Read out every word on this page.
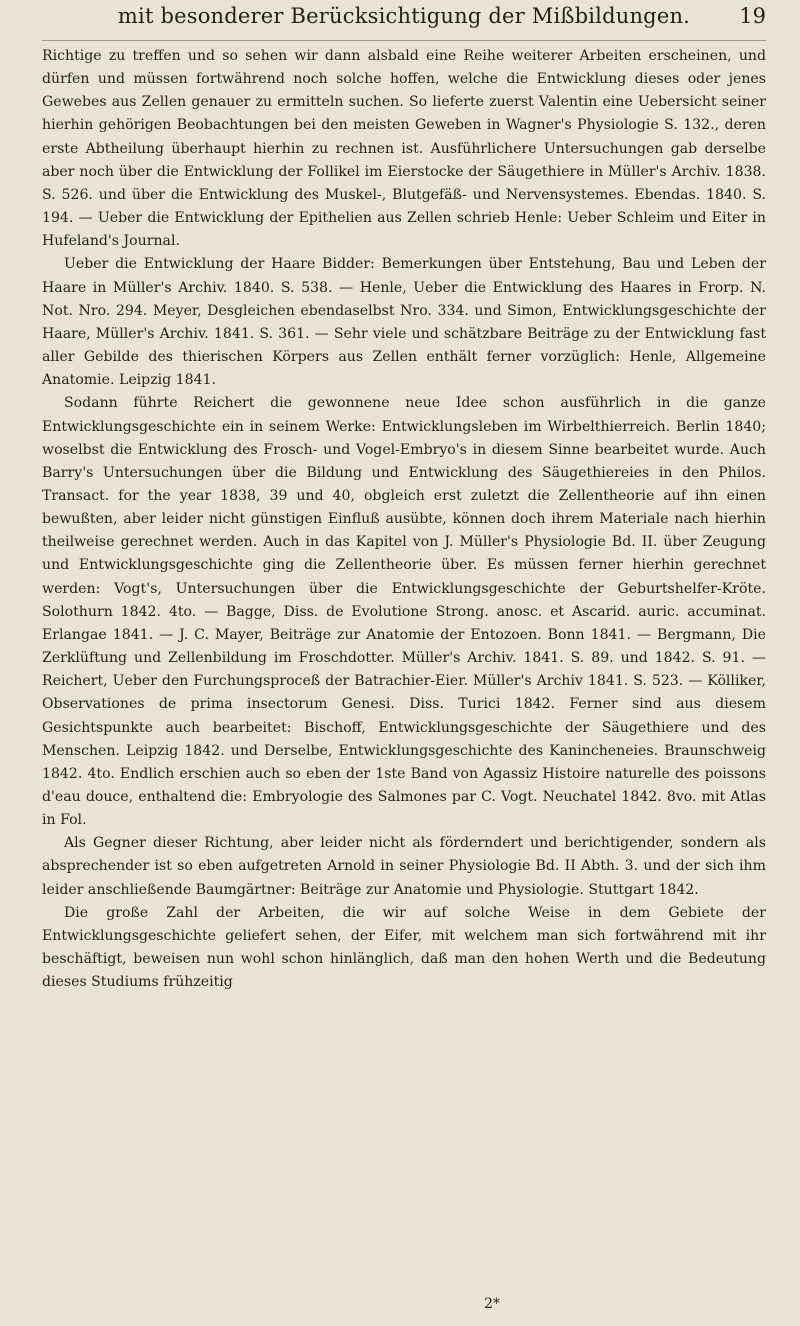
mit besonderer Berücksichtigung der Mißbildungen.	19

Richtige zu treffen und so sehen wir dann alsbald eine Reihe weiterer Arbeiten erscheinen, und dürfen und müssen fortwährend noch solche hoffen, welche die Entwicklung dieses oder jenes Gewebes aus Zellen genauer zu ermitteln suchen. So lieferte zuerst Valentin eine Uebersicht seiner hierhin gehörigen Beobachtungen bei den meisten Geweben in Wagner's Physiologie S. 132., deren erste Abtheilung überhaupt hierhin zu rechnen ist. Ausführlichere Untersuchungen gab derselbe aber noch über die Entwicklung der Follikel im Eierstocke der Säugethiere in Müller's Archiv. 1838. S. 526. und über die Entwicklung des Muskel-, Blutgefäß- und Nervensystemes. Ebendas. 1840. S. 194. — Ueber die Entwicklung der Epithelien aus Zellen schrieb Henle: Ueber Schleim und Eiter in Hufeland's Journal.

Ueber die Entwicklung der Haare Bidder: Bemerkungen über Entstehung, Bau und Leben der Haare in Müller's Archiv. 1840. S. 538. — Henle, Ueber die Entwicklung des Haares in Frorp. N. Not. Nro. 294. Meyer, Desgleichen ebendaselbst Nro. 334. und Simon, Entwicklungsgeschichte der Haare, Müller's Archiv. 1841. S. 361. — Sehr viele und schätzbare Beiträge zu der Entwicklung fast aller Gebilde des thierischen Körpers aus Zellen enthält ferner vorzüglich: Henle, Allgemeine Anatomie. Leipzig 1841.

Sodann führte Reichert die gewonnene neue Idee schon ausführlich in die ganze Entwicklungsgeschichte ein in seinem Werke: Entwicklungsleben im Wirbelthierreich. Berlin 1840; woselbst die Entwicklung des Frosch- und Vogel-Embryo's in diesem Sinne bearbeitet wurde. Auch Barry's Untersuchungen über die Bildung und Entwicklung des Säugethiereies in den Philos. Transact. for the year 1838, 39 und 40, obgleich erst zuletzt die Zellentheorie auf ihn einen bewußten, aber leider nicht günstigen Einfluß ausübte, können doch ihrem Materiale nach hierhin theilweise gerechnet werden. Auch in das Kapitel von J. Müller's Physiologie Bd. II. über Zeugung und Entwicklungsgeschichte ging die Zellentheorie über. Es müssen ferner hierhin gerechnet werden: Vogt's, Untersuchungen über die Entwicklungsgeschichte der Geburtshelfer-Kröte. Solothurn 1842. 4to. — Bagge, Diss. de Evolutione Strong. anosc. et Ascarid. auric. accuminat. Erlangae 1841. — J. C. Mayer, Beiträge zur Anatomie der Entozoen. Bonn 1841. — Bergmann, Die Zerklüftung und Zellenbildung im Froschdotter. Müller's Archiv. 1841. S. 89. und 1842. S. 91. — Reichert, Ueber den Furchungsproceß der Batrachier-Eier. Müller's Archiv 1841. S. 523. — Kölliker, Observationes de prima insectorum Genesi. Diss. Turici 1842. Ferner sind aus diesem Gesichtspunkte auch bearbeitet: Bischoff, Entwicklungsgeschichte der Säugethiere und des Menschen. Leipzig 1842. und Derselbe, Entwicklungsgeschichte des Kanincheneies. Braunschweig 1842. 4to. Endlich erschien auch so eben der 1ste Band von Agassiz Histoire naturelle des poissons d'eau douce, enthaltend die: Embryologie des Salmones par C. Vogt. Neuchatel 1842. 8vo. mit Atlas in Fol.

Als Gegner dieser Richtung, aber leider nicht als förderndert und berichtigender, sondern als absprechender ist so eben aufgetreten Arnold in seiner Physiologie Bd. II Abth. 3. und der sich ihm leider anschließende Baumgärtner: Beiträge zur Anatomie und Physiologie. Stuttgart 1842.

Die große Zahl der Arbeiten, die wir auf solche Weise in dem Gebiete der Entwicklungsgeschichte geliefert sehen, der Eifer, mit welchem man sich fortwährend mit ihr beschäftigt, beweisen nun wohl schon hinlänglich, daß man den hohen Werth und die Bedeutung dieses Studiums frühzeitig

2*
